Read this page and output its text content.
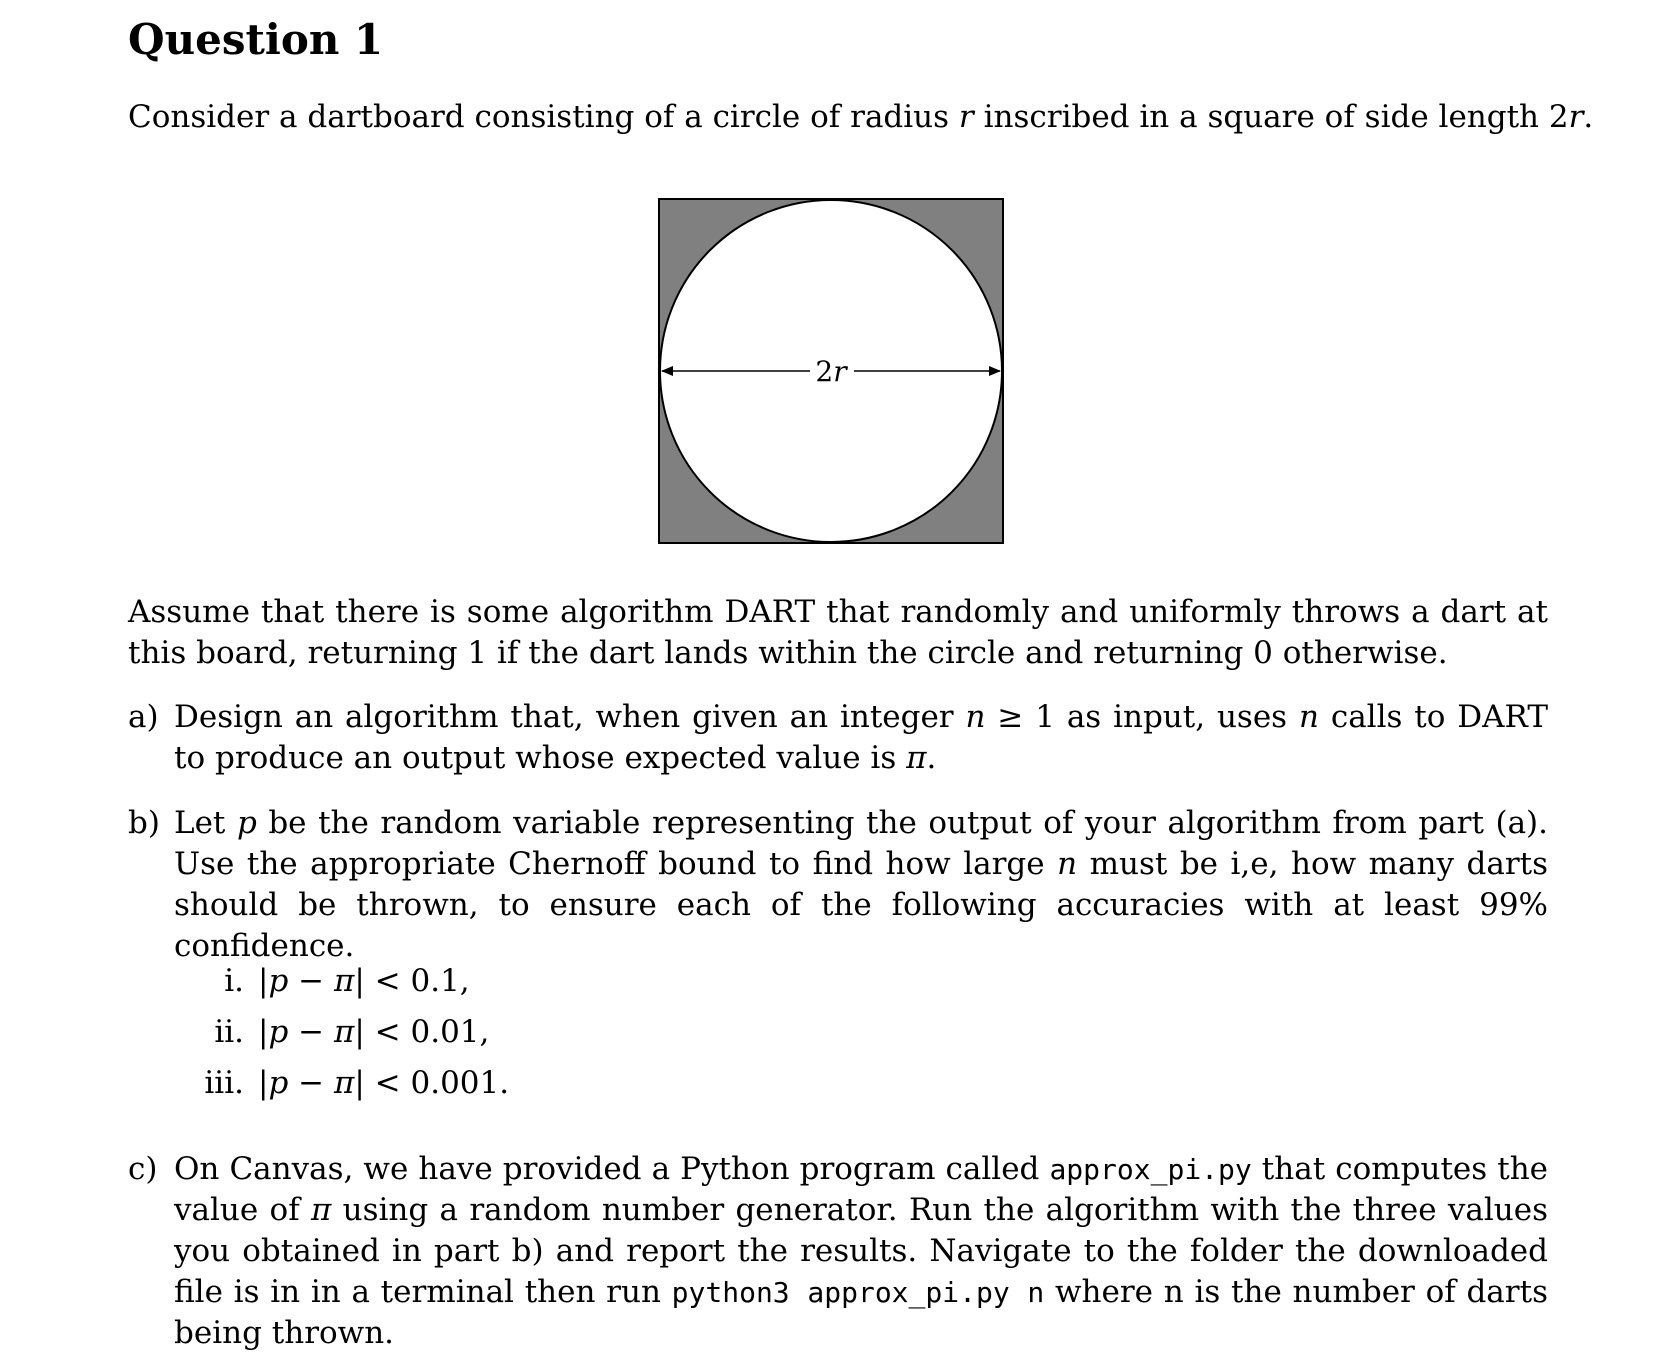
Question 1

Consider a dartboard consisting of a circle of radius r inscribed in a square of side length 2r.

2r

Assume that there is some algorithm DART that randomly and uniformly throws a dart at this board, returning 1 if the dart lands within the circle and returning 0 otherwise.

a) Design an algorithm that, when given an integer n ≥ 1 as input, uses n calls to DART to produce an output whose expected value is π.
b) Let p be the random variable representing the output of your algorithm from part (a). Use the appropriate Chernoff bound to find how large n must be i,e, how many darts should be thrown, to ensure each of the following accuracies with at least 99% confidence.
i. |p − π| < 0.1,
ii. |p − π| < 0.01,
iii. |p − π| < 0.001.
c) On Canvas, we have provided a Python program called approx_pi.py that computes the value of π using a random number generator. Run the algorithm with the three values you obtained in part b) and report the results. Navigate to the folder the downloaded file is in in a terminal then run python3 approx_pi.py n where n is the number of darts being thrown.
